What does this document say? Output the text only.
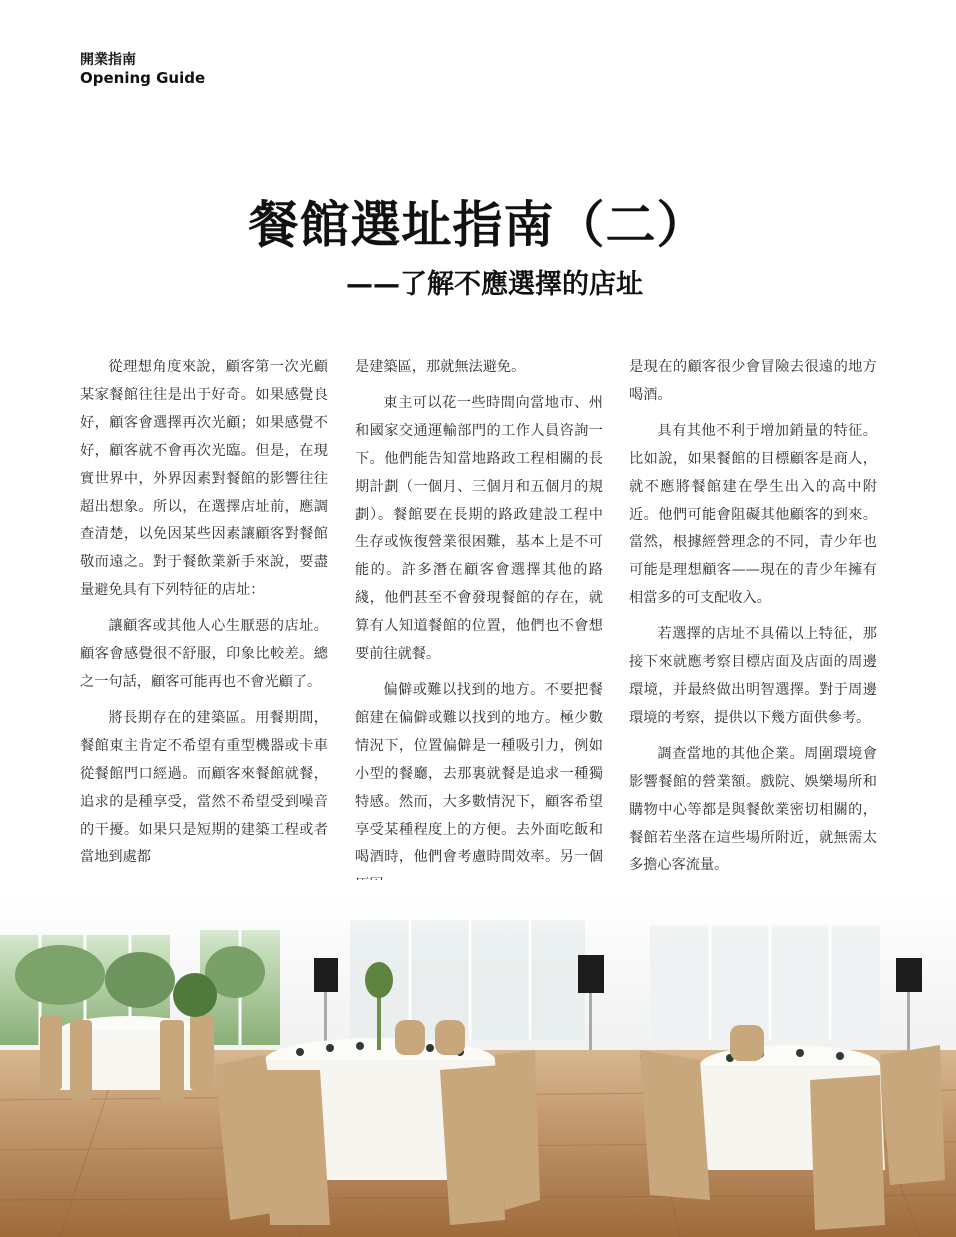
開業指南
Opening Guide
餐館選址指南（二）
——了解不應選擇的店址

從理想角度來說，顧客第一次光顧某家餐館往往是出于好奇。如果感覺良好，顧客會選擇再次光顧；如果感覺不好，顧客就不會再次光臨。但是，在現實世界中，外界因素對餐館的影響往往超出想象。所以，在選擇店址前，應調查清楚，以免因某些因素讓顧客對餐館敬而遠之。對于餐飲業新手來說，要盡量避免具有下列特征的店址：

讓顧客或其他人心生厭惡的店址。顧客會感覺很不舒服，印象比較差。總之一句話，顧客可能再也不會光顧了。

將長期存在的建築區。用餐期間，餐館東主肯定不希望有重型機器或卡車從餐館門口經過。而顧客來餐館就餐，追求的是種享受，當然不希望受到噪音的干擾。如果只是短期的建築工程或者當地到處都

是建築區，那就無法避免。

東主可以花一些時間向當地市、州和國家交通運輸部門的工作人員咨詢一下。他們能告知當地路政工程相關的長期計劃（一個月、三個月和五個月的規劃）。餐館要在長期的路政建設工程中生存或恢復營業很困難，基本上是不可能的。許多潛在顧客會選擇其他的路綫，他們甚至不會發現餐館的存在，就算有人知道餐館的位置，他們也不會想要前往就餐。

偏僻或難以找到的地方。不要把餐館建在偏僻或難以找到的地方。極少數情況下，位置偏僻是一種吸引力，例如小型的餐廳，去那裏就餐是追求一種獨特感。然而，大多數情況下，顧客希望享受某種程度上的方便。去外面吃飯和喝酒時，他們會考慮時間效率。另一個

是現在的顧客很少會冒險去很遠的地方喝酒。

具有其他不利于增加銷量的特征。比如說，如果餐館的目標顧客是商人，就不應將餐館建在學生出入的高中附近。他們可能會阻礙其他顧客的到來。當然，根據經營理念的不同，青少年也可能是理想顧客——現在的青少年擁有相當多的可支配收入。

若選擇的店址不具備以上特征，那接下來就應考察目標店面及店面的周邊環境，并最終做出明智選擇。對于周邊環境的考察，提供以下幾方面供參考。

調查當地的其他企業。周圍環境會影響餐館的營業額。戲院、娛樂場所和購物中心等都是與餐飲業密切相關的，餐館若坐落在這些場所附近，就無需太多擔心客流量。
